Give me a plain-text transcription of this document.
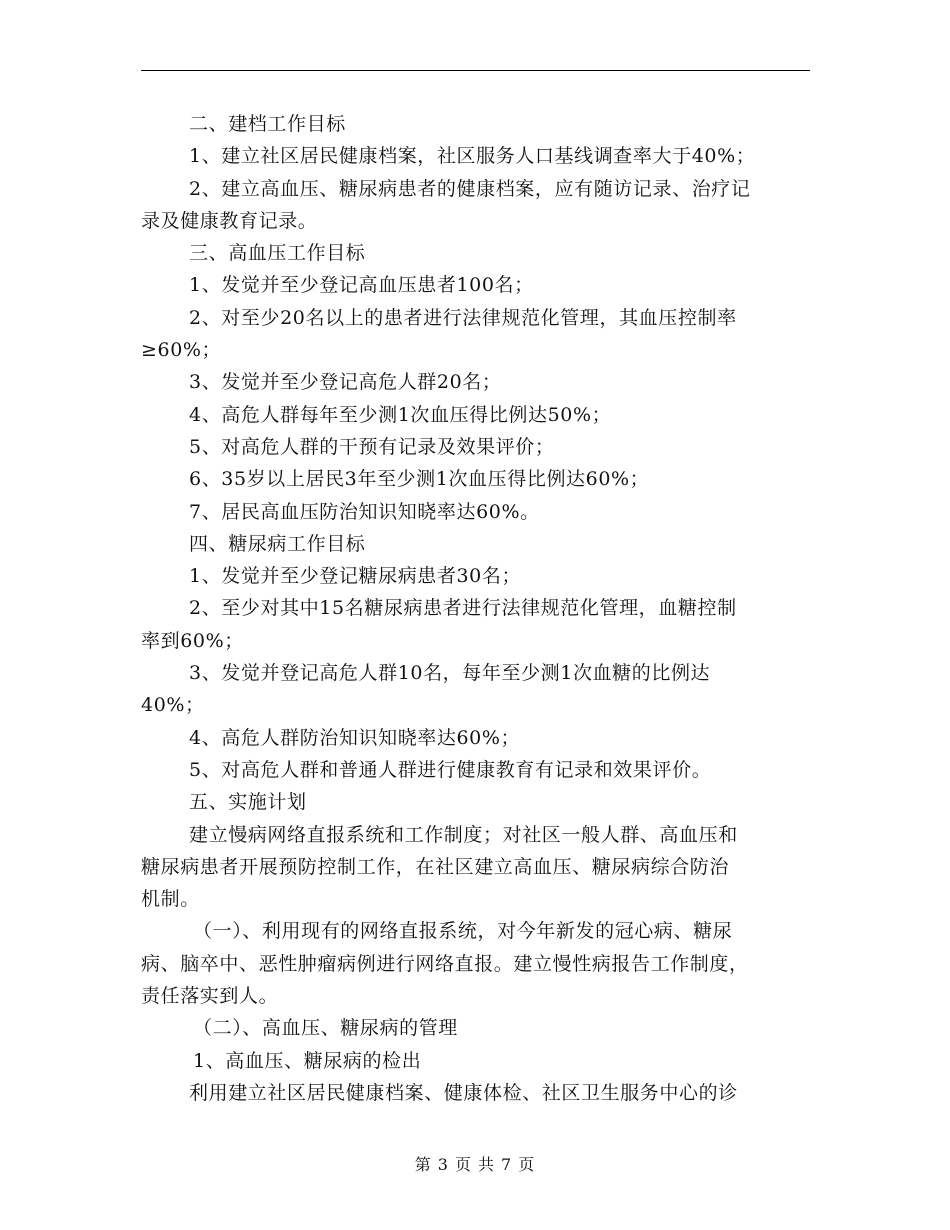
二、建档工作目标
1、建立社区居民健康档案，社区服务人口基线调查率大于40%；
2、建立高血压、糖尿病患者的健康档案，应有随访记录、治疗记
录及健康教育记录。
三、高血压工作目标
1、发觉并至少登记高血压患者100名；
2、对至少20名以上的患者进行法律规范化管理，其血压控制率
≥60%；
3、发觉并至少登记高危人群20名；
4、高危人群每年至少测1次血压得比例达50%；
5、对高危人群的干预有记录及效果评价；
6、35岁以上居民3年至少测1次血压得比例达60%；
7、居民高血压防治知识知晓率达60%。
四、糖尿病工作目标
1、发觉并至少登记糖尿病患者30名；
2、至少对其中15名糖尿病患者进行法律规范化管理，血糖控制
率到60%；
3、发觉并登记高危人群10名，每年至少测1次血糖的比例达
40%；
4、高危人群防治知识知晓率达60%；
5、对高危人群和普通人群进行健康教育有记录和效果评价。
五、实施计划
建立慢病网络直报系统和工作制度；对社区一般人群、高血压和
糖尿病患者开展预防控制工作，在社区建立高血压、糖尿病综合防治
机制。
（一）、利用现有的网络直报系统，对今年新发的冠心病、糖尿
病、脑卒中、恶性肿瘤病例进行网络直报。建立慢性病报告工作制度，
责任落实到人。
（二）、高血压、糖尿病的管理
1、高血压、糖尿病的检出
利用建立社区居民健康档案、健康体检、社区卫生服务中心的诊
第 3 页 共 7 页
